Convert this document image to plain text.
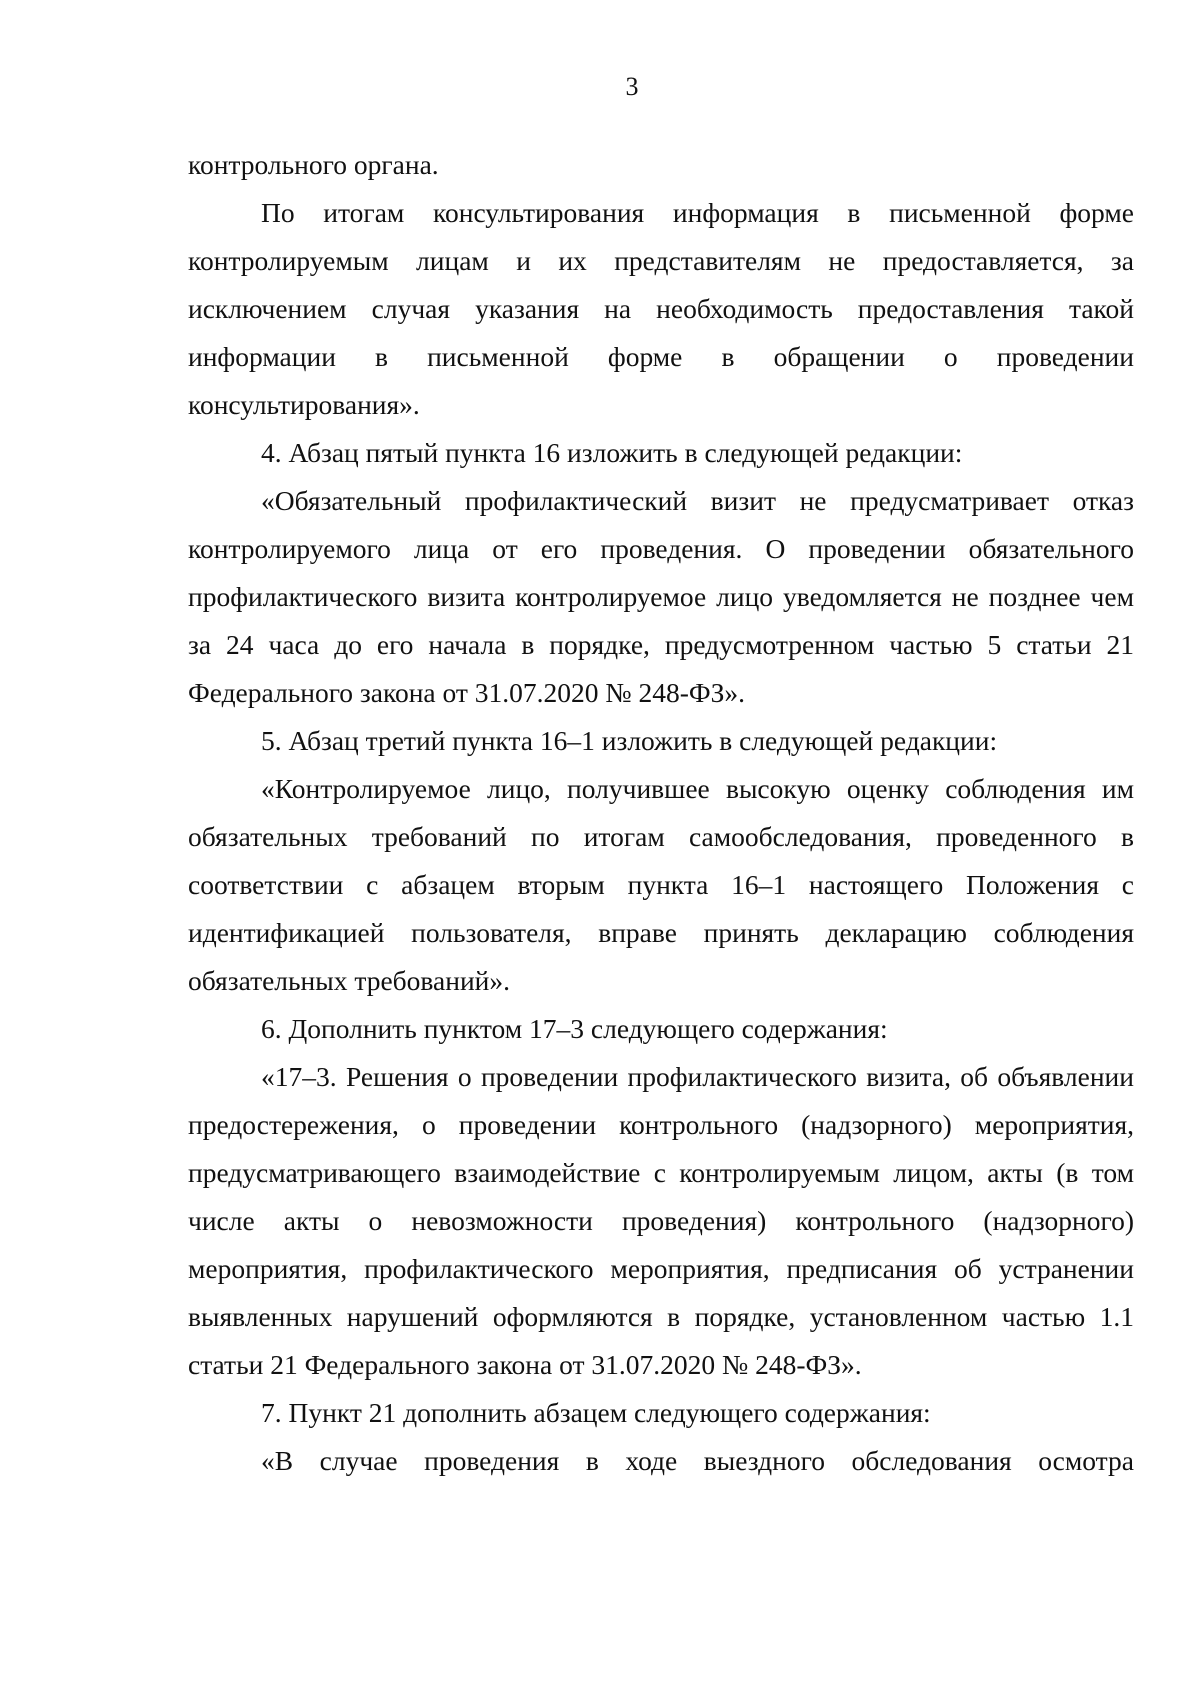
3

контрольного органа.

По итогам консультирования информация в письменной форме контролируемым лицам и их представителям не предоставляется, за исключением случая указания на необходимость предоставления такой информации в письменной форме в обращении о проведении консультирования».

4. Абзац пятый пункта 16 изложить в следующей редакции:

«Обязательный профилактический визит не предусматривает отказ контролируемого лица от его проведения. О проведении обязательного профилактического визита контролируемое лицо уведомляется не позднее чем за 24 часа до его начала в порядке, предусмотренном частью 5 статьи 21 Федерального закона от 31.07.2020 № 248-ФЗ».

5. Абзац третий пункта 16–1 изложить в следующей редакции:

«Контролируемое лицо, получившее высокую оценку соблюдения им обязательных требований по итогам самообследования, проведенного в соответствии с абзацем вторым пункта 16–1 настоящего Положения с идентификацией пользователя, вправе принять декларацию соблюдения обязательных требований».

6. Дополнить пунктом 17–3 следующего содержания:

«17–3. Решения о проведении профилактического визита, об объявлении предостережения, о проведении контрольного (надзорного) мероприятия, предусматривающего взаимодействие с контролируемым лицом, акты (в том числе акты о невозможности проведения) контрольного (надзорного) мероприятия, профилактического мероприятия, предписания об устранении выявленных нарушений оформляются в порядке, установленном частью 1.1 статьи 21 Федерального закона от 31.07.2020 № 248-ФЗ».

7. Пункт 21 дополнить абзацем следующего содержания:

«В случае проведения в ходе выездного обследования осмотра
